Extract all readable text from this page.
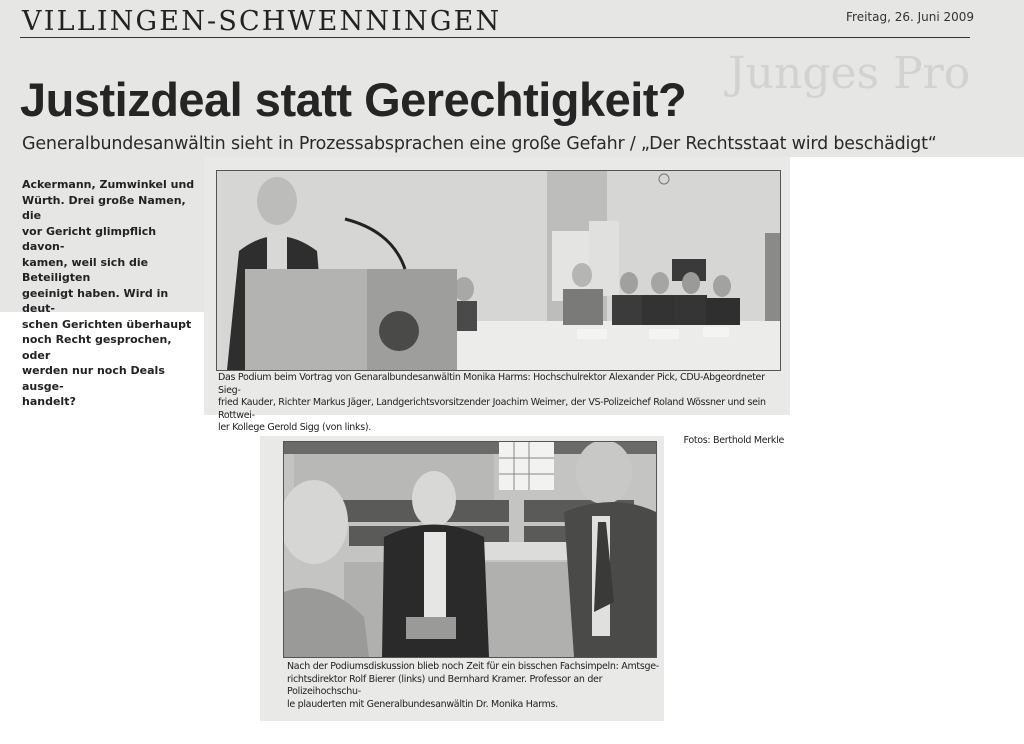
Junges Pro
VILLINGEN-SCHWENNINGEN	Freitag, 26. Juni 2009
Justizdeal statt Gerechtigkeit?
Generalbundesanwältin sieht in Prozessabsprachen eine große Gefahr / „Der Rechtsstaat wird beschädigt“
Ackermann, Zumwinkel und
Würth. Drei große Namen, die
vor Gericht glimpflich davon-
kamen, weil sich die Beteiligten
geeinigt haben. Wird in deut-
schen Gerichten überhaupt
noch Recht gesprochen, oder
werden nur noch Deals ausge-
handelt?
Das Podium beim Vortrag von Genaralbundesanwältin Monika Harms: Hochschulrektor Alexander Pick, CDU-Abgeordneter Sieg-
fried Kauder, Richter Markus Jäger, Landgerichtsvorsitzender Joachim Weimer, der VS-Polizeichef Roland Wössner und sein Rottwei-
ler Kollege Gerold Sigg (von links).

Fotos: Berthold Merkle
Nach der Podiumsdiskussion blieb noch Zeit für ein bisschen Fachsimpeln: Amtsge-
richtsdirektor Rolf Bierer (links) und Bernhard Kramer. Professor an der Polizeihochschu-
le plauderten mit Generalbundesanwältin Dr. Monika Harms.
